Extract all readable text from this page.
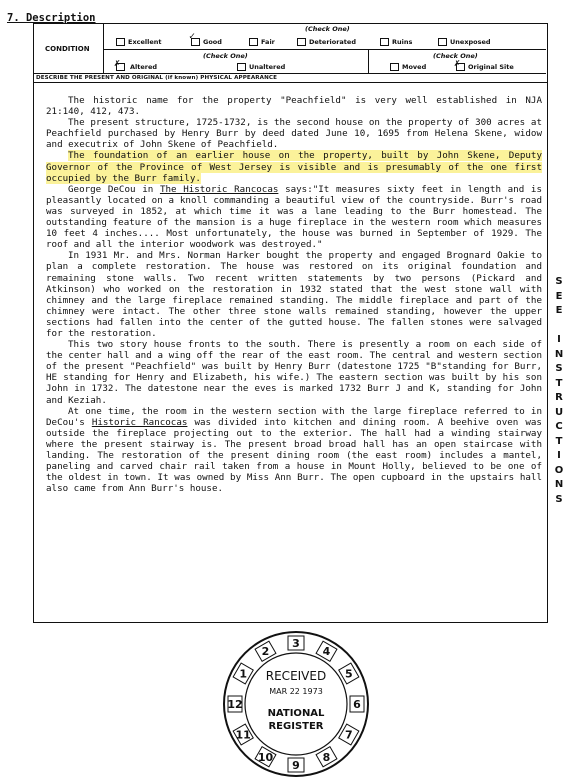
7. Description
CONDITION
(Check One)
Excellent	✓ Good	Fair	Deteriorated	Ruins	Unexposed
(Check One)	(Check One)
✗ Altered	Unaltered	Moved	✗ Original Site
DESCRIBE THE PRESENT AND ORIGINAL (if known) PHYSICAL APPEARANCE

The historic name for the property "Peachfield" is very well established in NJA 21:140, 412, 473.

The present structure, 1725-1732, is the second house on the property of 300 acres at Peachfield purchased by Henry Burr by deed dated June 10, 1695 from Helena Skene, widow and executrix of John Skene of Peachfield.

The foundation of an earlier house on the property, built by John Skene, Deputy Governor of the Province of West Jersey is visible and is presumably of the one first occupied by the Burr family.

George DeCou in The Historic Rancocas says:"It measures sixty feet in length and is pleasantly located on a knoll commanding a beautiful view of the countryside. Burr's road was surveyed in 1852, at which time it was a lane leading to the Burr homestead. The outstanding feature of the mansion is a huge fireplace in the western room which measures 10 feet 4 inches.... Most unfortunately, the house was burned in September of 1929. The roof and all the interior woodwork was destroyed."

In 1931 Mr. and Mrs. Norman Harker bought the property and engaged Brognard Oakie to plan a complete restoration. The house was restored on its original foundation and remaining stone walls. Two recent written statements by two persons (Pickard and Atkinson) who worked on the restoration in 1932 stated that the west stone wall with chimney and the large fireplace remained standing. The middle fireplace and part of the chimney were intact. The other three stone walls remained standing, however the upper sections had fallen into the center of the gutted house. The fallen stones were salvaged for the restoration.

This two story house fronts to the south. There is presently a room on each side of the center hall and a wing off the rear of the east room. The central and western section of the present "Peachfield" was built by Henry Burr (datestone 1725 "B"standing for Burr, HE standing for Henry and Elizabeth, his wife.) The eastern section was built by his son John in 1732. The datestone near the eves is marked 1732 Burr J and K, standing for John and Keziah.

At one time, the room in the western section with the large fireplace referred to in DeCou's Historic Rancocas was divided into kitchen and dining room. A beehive oven was outside the fireplace projecting out to the exterior. The hall had a winding stairway where the present stairway is. The present broad broad hall has an open staircase with landing. The restoration of the present dining room (the east room) includes a mantel, paneling and carved chair rail taken from a house in Mount Holly, believed to be one of the oldest in town. It was owned by Miss Ann Burr. The open cupboard in the upstairs hall also came from Ann Burr's house.

S
E
E

I
N
S
T
R
U
C
T
I
O
N
S
1
2
3
4
5
6
7
8
9
10
11
12
RECEIVED
MAR 22 1973
NATIONAL
REGISTER
